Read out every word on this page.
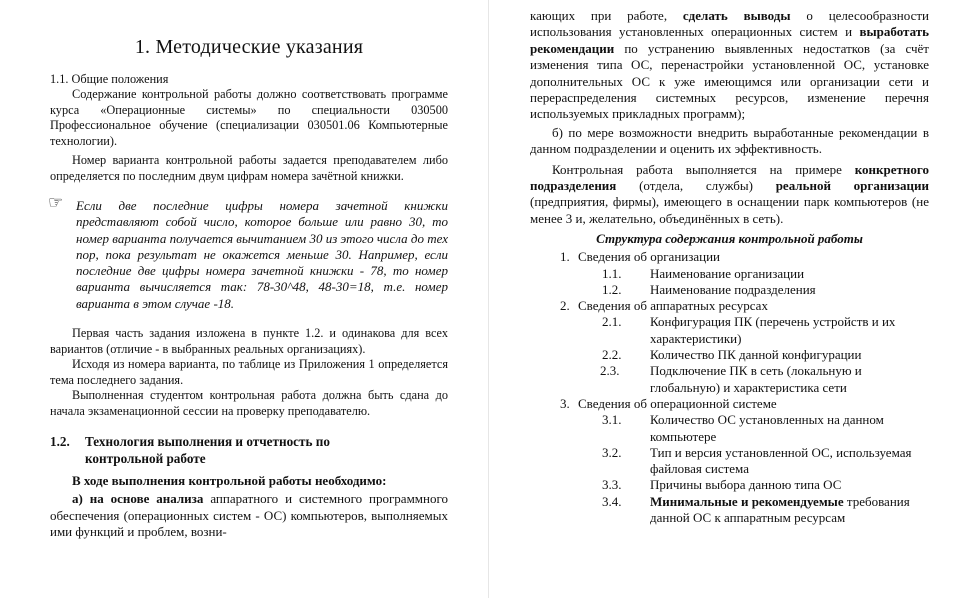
1. Методические указания

1.1. Общие положения

Содержание контрольной работы должно соответствовать программе курса «Операционные системы» по специальности 030500 Профессиональное обучение (специализации 030501.06 Компьютерные технологии).

Номер варианта контрольной работы задается преподавателем либо определяется по последним двум цифрам номера зачётной книжки.

☞ Если две последние цифры номера зачетной книжки представляют собой число, которое больше или равно 30, то номер варианта получается вычитанием 30 из этого числа до тех пор, пока результат не окажется меньше 30. Например, если последние две цифры номера зачетной книжки - 78, то номер варианта вычисляется так: 78-30^48, 48-30=18, т.е. номер варианта в этом случае -18.

Первая часть задания изложена в пункте 1.2. и одинакова для всех вариантов (отличие - в выбранных реальных организациях).

Исходя из номера варианта, по таблице из Приложения 1 определяется тема последнего задания.

Выполненная студентом контрольная работа должна быть сдана до начала экзаменационной сессии на проверку преподавателю.

1.2. Технология выполнения и отчетность по
контрольной работе

В ходе выполнения контрольной работы необходимо:

а) на основе анализа аппаратного и системного программного обеспечения (операционных систем - ОС) компьютеров, выполняемых ими функций и проблем, возни-

кающих при работе, сделать выводы о целесообразности использования установленных операционных систем и выработать рекомендации по устранению выявленных недостатков (за счёт изменения типа ОС, перенастройки установленной ОС, установке дополнительных ОС к уже имеющимся или организации сети и перераспределения системных ресурсов, изменение перечня используемых прикладных программ);

б) по мере возможности внедрить выработанные рекомендации в данном подразделении и оценить их эффективность.

Контрольная работа выполняется на примере конкретного подразделения (отдела, службы) реальной организации (предприятия, фирмы), имеющего в оснащении парк компьютеров (не менее 3 и, желательно, объединённых в сеть).

Структура содержания контрольной работы

1. Сведения об организации
1.1. Наименование организации
1.2. Наименование подразделения
2. Сведения об аппаратных ресурсах
2.1. Конфигурация ПК (перечень устройств и их характеристики)
2.2. Количество ПК данной конфигурации
2.3. Подключение ПК в сеть (локальную и глобальную) и характеристика сети
3. Сведения об операционной системе
3.1. Количество ОС установленных на данном компьютере
3.2. Тип и версия установленной ОС, используемая файловая система
3.3. Причины выбора данною типа ОС
3.4. Минимальные и рекомендуемые требования данной ОС к аппаратным ресурсам
